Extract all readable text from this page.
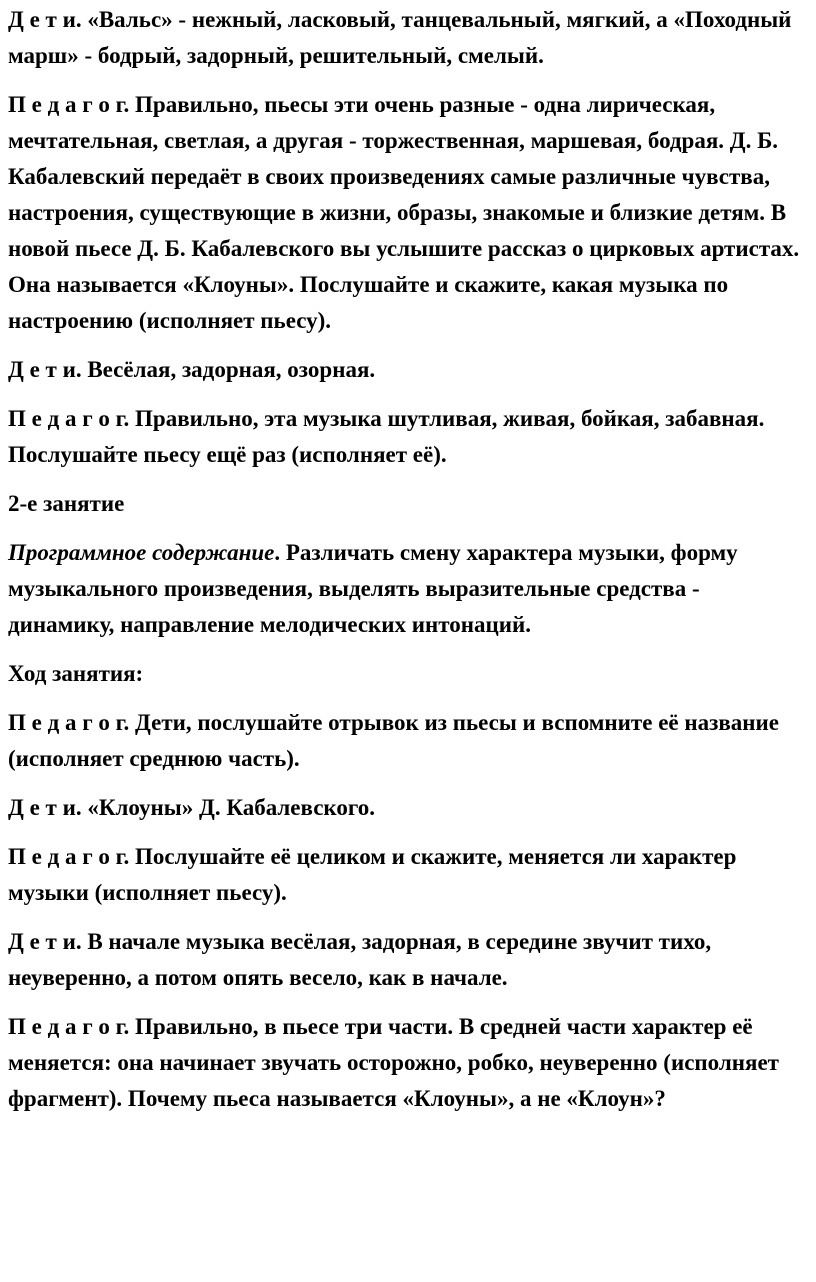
Д е т и. «Вальс» - нежный, ласковый, танцевальный, мягкий, а «Походный марш» - бодрый, задорный, решительный, смелый.

П е д а г о г. Правильно, пьесы эти очень разные - одна лирическая, мечтательная, светлая, а другая - торжественная, маршевая, бодрая. Д. Б. Кабалевский передаёт в своих произведениях самые различные чувства, настроения, существующие в жизни, образы, знакомые и близкие детям. В новой пьесе Д. Б. Кабалевского вы услышите рассказ о цирковых артистах. Она называется «Клоуны». Послушайте и скажите, какая музыка по настроению (исполняет пьесу).

Д е т и. Весёлая, задорная, озорная.

П е д а г о г. Правильно, эта музыка шутливая, живая, бойкая, забавная. Послушайте пьесу ещё раз (исполняет её).

2-е занятие

Программное содержание. Различать смену характера музыки, форму музыкального произведения, выделять выразительные средства - динамику, направление мелодических интонаций.

Ход занятия:

П е д а г о г. Дети, послушайте отрывок из пьесы и вспомните её название (исполняет среднюю часть).

Д е т и. «Клоуны» Д. Кабалевского.

П е д а г о г. Послушайте её целиком и скажите, меняется ли характер музыки (исполняет пьесу).

Д е т и. В начале музыка весёлая, задорная, в середине звучит тихо, неуверенно, а потом опять весело, как в начале.

П е д а г о г. Правильно, в пьесе три части. В средней части характер её меняется: она начинает звучать осторожно, робко, неуверенно (исполняет фрагмент). Почему пьеса называется «Клоуны», а не «Клоун»?
